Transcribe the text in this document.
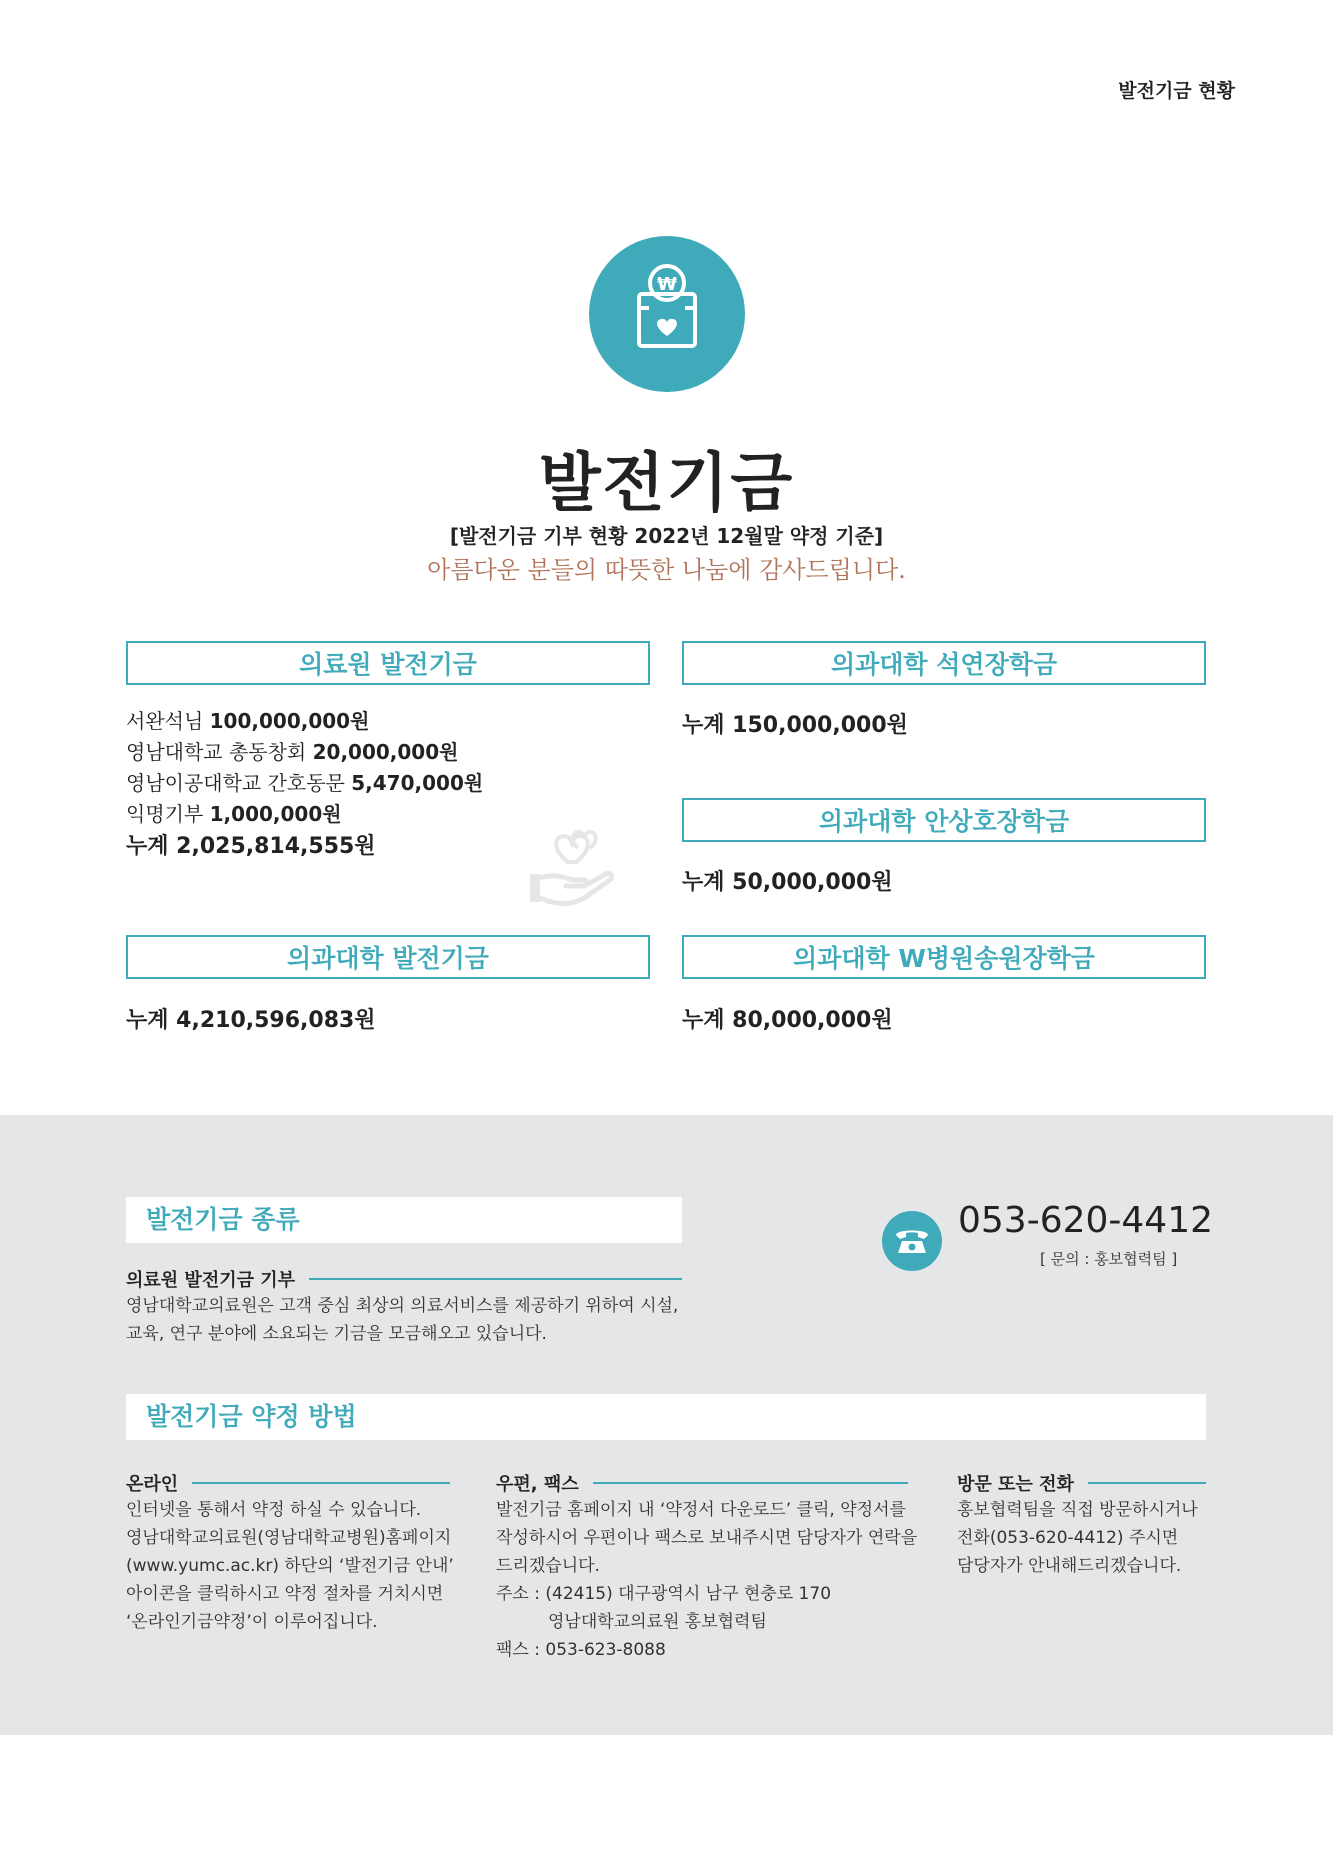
발전기금 현황
₩
발전기금
[발전기금 기부 현황 2022년 12월말 약정 기준]
아름다운 분들의 따뜻한 나눔에 감사드립니다.
의료원 발전기금
서완석님 100,000,000원
영남대학교 총동창회 20,000,000원
영남이공대학교 간호동문 5,470,000원
익명기부 1,000,000원
누계 2,025,814,555원
의과대학 석연장학금
누계 150,000,000원
의과대학 안상호장학금
누계 50,000,000원
의과대학 발전기금
누계 4,210,596,083원
의과대학 W병원송원장학금
누계 80,000,000원
발전기금 종류
의료원 발전기금 기부
영남대학교의료원은 고객 중심 최상의 의료서비스를 제공하기 위하여 시설,
교육, 연구 분야에 소요되는 기금을 모금해오고 있습니다.
053-620-4412
[ 문의 : 홍보협력팀 ]
발전기금 약정 방법
온라인
인터넷을 통해서 약정 하실 수 있습니다.
영남대학교의료원(영남대학교병원)홈페이지
(www.yumc.ac.kr) 하단의 ‘발전기금 안내’
아이콘을 클릭하시고 약정 절차를 거치시면
‘온라인기금약정’이 이루어집니다.
우편, 팩스
발전기금 홈페이지 내 ‘약정서 다운로드’ 클릭, 약정서를
작성하시어 우편이나 팩스로 보내주시면 담당자가 연락을
드리겠습니다.
주소 : (42415) 대구광역시 남구 현충로 170
영남대학교의료원 홍보협력팀
팩스 : 053-623-8088
방문 또는 전화
홍보협력팀을 직접 방문하시거나
전화(053-620-4412) 주시면
담당자가 안내해드리겠습니다.
